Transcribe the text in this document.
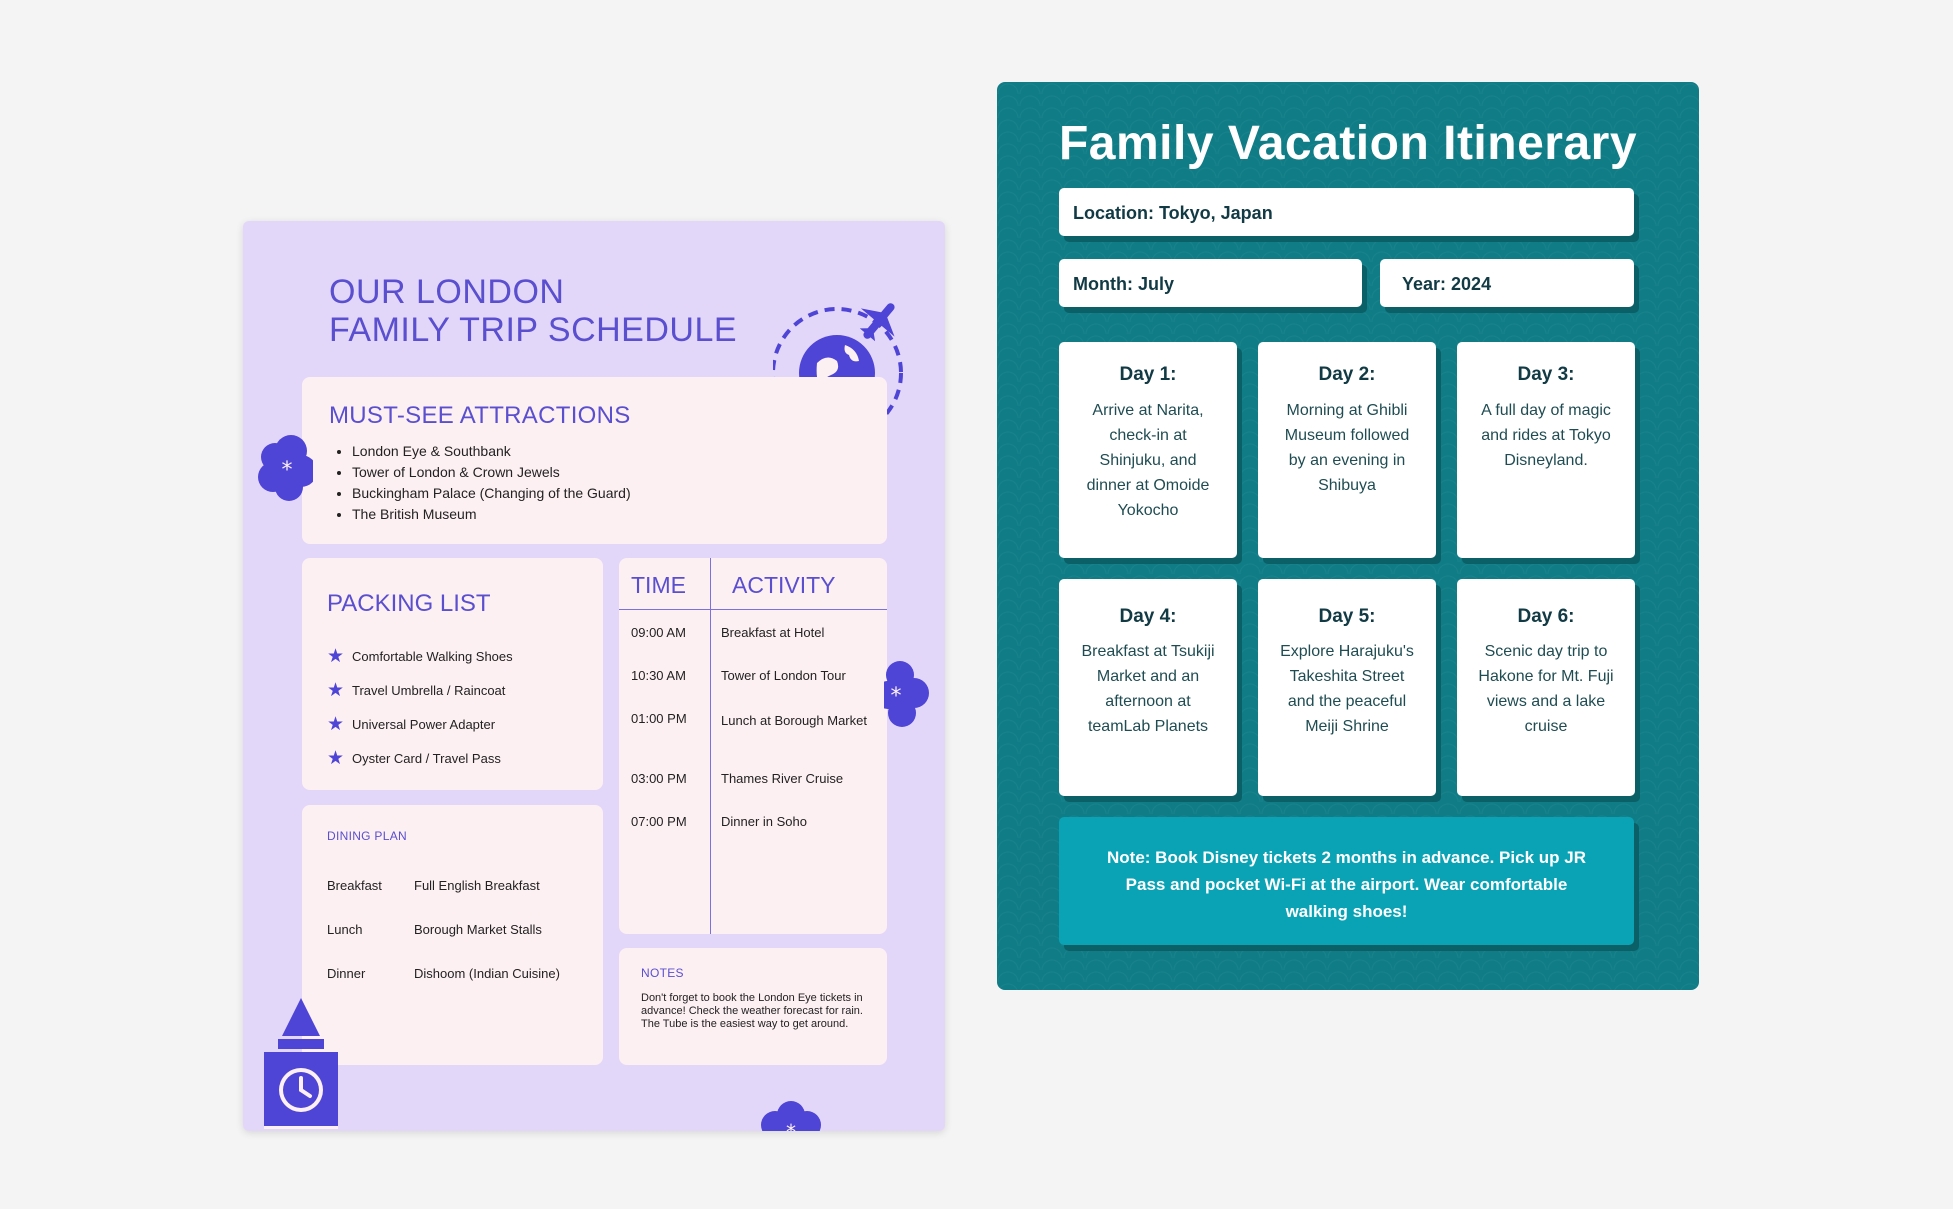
OUR LONDON
FAMILY TRIP SCHEDULE
MUST-SEE ATTRACTIONS
• London Eye & Southbank
• Tower of London & Crown Jewels
• Buckingham Palace (Changing of the Guard)
• The British Museum
*
PACKING LIST
★ Comfortable Walking Shoes
★ Travel Umbrella / Raincoat
★ Universal Power Adapter
★ Oyster Card / Travel Pass
DINING PLAN
Breakfast Full English Breakfast
Lunch	Borough Market Stalls
Dinner	Dishoom (Indian Cuisine)
TIME ACTIVITY
09:00 AM	Breakfast at Hotel
10:30 AM	Tower of London Tour
01:00 PM	Lunch at Borough Market
03:00 PM	Thames River Cruise
07:00 PM	Dinner in Soho
*
NOTES
Don't forget to book the London Eye tickets in advance! Check the weather forecast for rain. The Tube is the easiest way to get around.
*
Family Vacation Itinerary
Location: Tokyo, Japan
Month: July	Year: 2024
Day 1:
Arrive at Narita, check-in at Shinjuku, and dinner at Omoide Yokocho
Day 2:
Morning at Ghibli Museum followed by an evening in Shibuya
Day 3:
A full day of magic and rides at Tokyo Disneyland.
Day 4:
Breakfast at Tsukiji Market and an afternoon at teamLab Planets
Day 5:
Explore Harajuku's Takeshita Street and the peaceful Meiji Shrine
Day 6:
Scenic day trip to Hakone for Mt. Fuji views and a lake cruise
Note: Book Disney tickets 2 months in advance. Pick up JR Pass and pocket Wi-Fi at the airport. Wear comfortable walking shoes!
